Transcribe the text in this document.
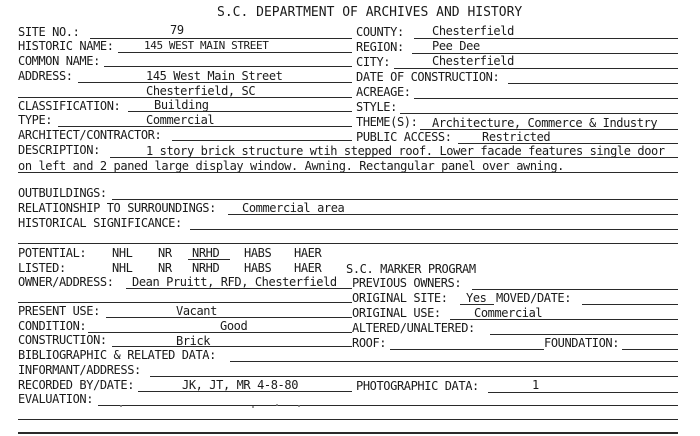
S.C. DEPARTMENT OF ARCHIVES AND HISTORY
SITE NO.:	79
HISTORIC NAME:	145 WEST MAIN STREET
COMMON NAME:
ADDRESS:	145 West Main Street
Chesterfield, SC
CLASSIFICATION:	Building
TYPE:	Commercial
ARCHITECT/CONTRACTOR:
COUNTY: Chesterfield
REGION: Pee Dee
CITY:	Chesterfield
DATE OF CONSTRUCTION:
ACREAGE:
STYLE:
THEME(S): Architecture, Commerce & Industry
PUBLIC ACCESS:	Restricted
DESCRIPTION:	1 story brick structure wtih stepped roof. Lower facade features single door
on left and 2 paned large display window. Awning. Rectangular panel over awning.
OUTBUILDINGS:
RELATIONSHIP TO SURROUNDINGS: Commercial area
HISTORICAL SIGNIFICANCE:
POTENTIAL: NHL NR NRHD HABS HAER
LISTED:	NHL NR NRHD HABS HAER S.C. MARKER PROGRAM
OWNER/ADDRESS: Dean Pruitt, RFD, Chesterfield PREVIOUS OWNERS:
ORIGINAL SITE: Yes MOVED/DATE:
PRESENT USE:	Vacant
CONDITION:	Good
CONSTRUCTION:	Brick
ORIGINAL USE:	Commercial
ALTERED/UNALTERED:
ROOF:	FOUNDATION:
BIBLIOGRAPHIC & RELATED DATA:
INFORMANT/ADDRESS:
RECORDED BY/DATE:	JK, JT, MR 4-8-80	PHOTOGRAPHIC DATA:	1
EVALUATION:
